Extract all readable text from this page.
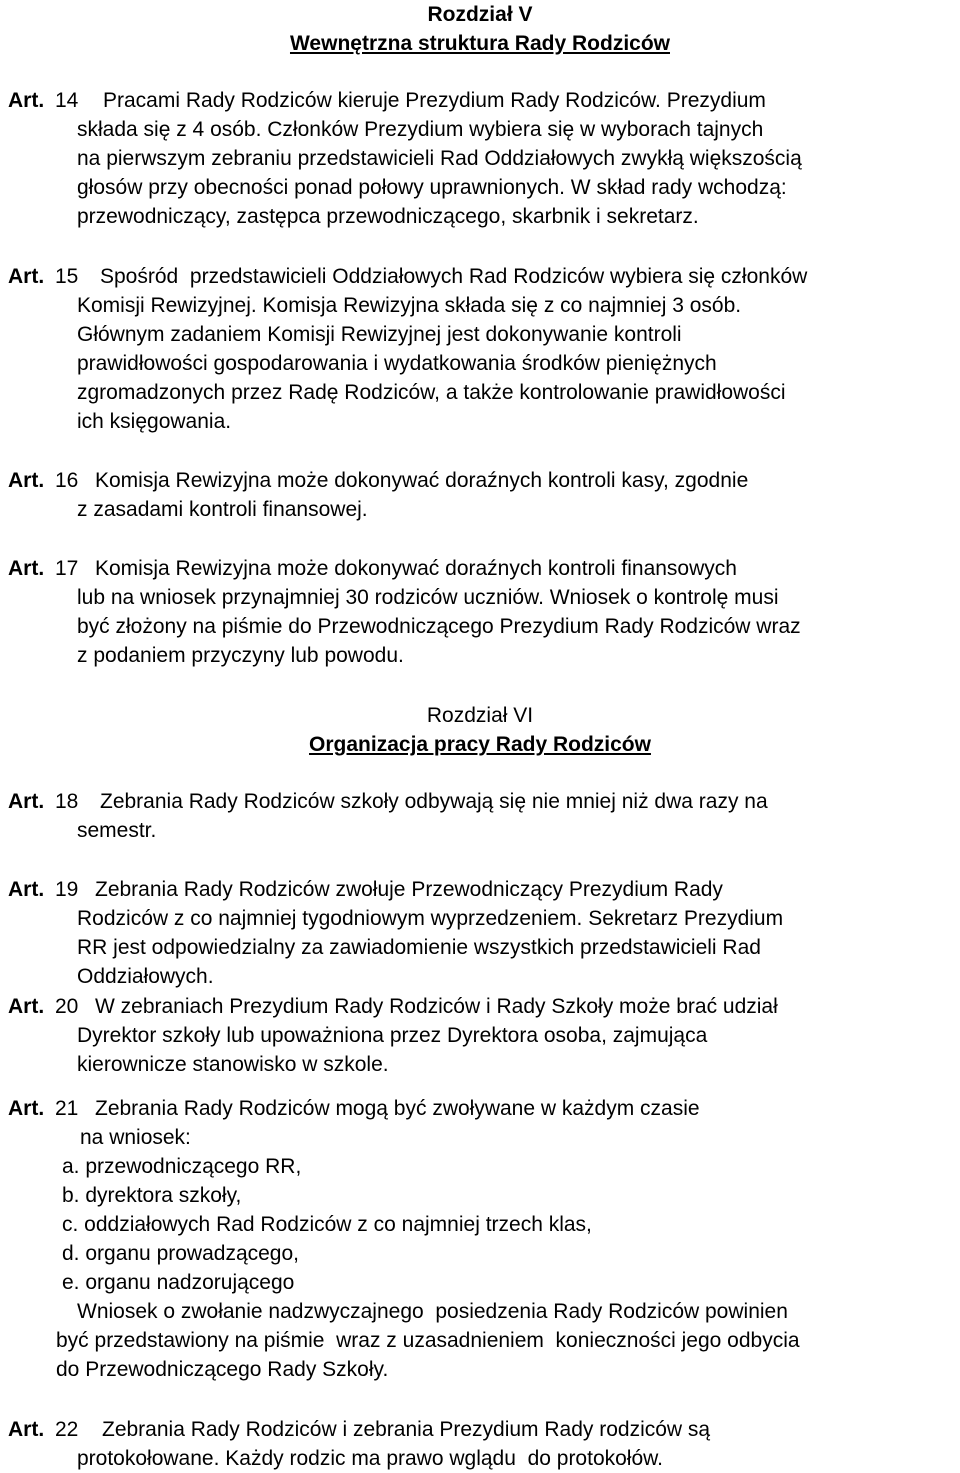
Rozdział V
Wewnętrzna struktura Rady Rodziców
Art. 14 Pracami Rady Rodziców kieruje Prezydium Rady Rodziców. Prezydium
składa się z 4 osób. Członków Prezydium wybiera się w wyborach tajnych
na pierwszym zebraniu przedstawicieli Rad Oddziałowych zwykłą większością
głosów przy obecności ponad połowy uprawnionych. W skład rady wchodzą:
przewodniczący, zastępca przewodniczącego, skarbnik i sekretarz.
Art. 15 Spośród  przedstawicieli Oddziałowych Rad Rodziców wybiera się członków
Komisji Rewizyjnej. Komisja Rewizyjna składa się z co najmniej 3 osób.
Głównym zadaniem Komisji Rewizyjnej jest dokonywanie kontroli
prawidłowości gospodarowania i wydatkowania środków pieniężnych
zgromadzonych przez Radę Rodziców, a także kontrolowanie prawidłowości
ich księgowania.
Art. 16 Komisja Rewizyjna może dokonywać doraźnych kontroli kasy, zgodnie
z zasadami kontroli finansowej.
Art. 17 Komisja Rewizyjna może dokonywać doraźnych kontroli finansowych
lub na wniosek przynajmniej 30 rodziców uczniów. Wniosek o kontrolę musi
być złożony na piśmie do Przewodniczącego Prezydium Rady Rodziców wraz
z podaniem przyczyny lub powodu.
Rozdział VI
Organizacja pracy Rady Rodziców
Art. 18 Zebrania Rady Rodziców szkoły odbywają się nie mniej niż dwa razy na
semestr.
Art. 19 Zebrania Rady Rodziców zwołuje Przewodniczący Prezydium Rady
Rodziców z co najmniej tygodniowym wyprzedzeniem. Sekretarz Prezydium
RR jest odpowiedzialny za zawiadomienie wszystkich przedstawicieli Rad
Oddziałowych.
Art. 20 W zebraniach Prezydium Rady Rodziców i Rady Szkoły może brać udział
Dyrektor szkoły lub upoważniona przez Dyrektora osoba, zajmująca
kierownicze stanowisko w szkole.
Art. 21 Zebrania Rady Rodziców mogą być zwoływane w każdym czasie
na wniosek:
a. przewodniczącego RR,
b. dyrektora szkoły,
c. oddziałowych Rad Rodziców z co najmniej trzech klas,
d. organu prowadzącego,
e. organu nadzorującego
Wniosek o zwołanie nadzwyczajnego  posiedzenia Rady Rodziców powinien
być przedstawiony na piśmie  wraz z uzasadnieniem  konieczności jego odbycia
do Przewodniczącego Rady Szkoły.
Art. 22 Zebrania Rady Rodziców i zebrania Prezydium Rady rodziców są
protokołowane. Każdy rodzic ma prawo wglądu  do protokołów.
